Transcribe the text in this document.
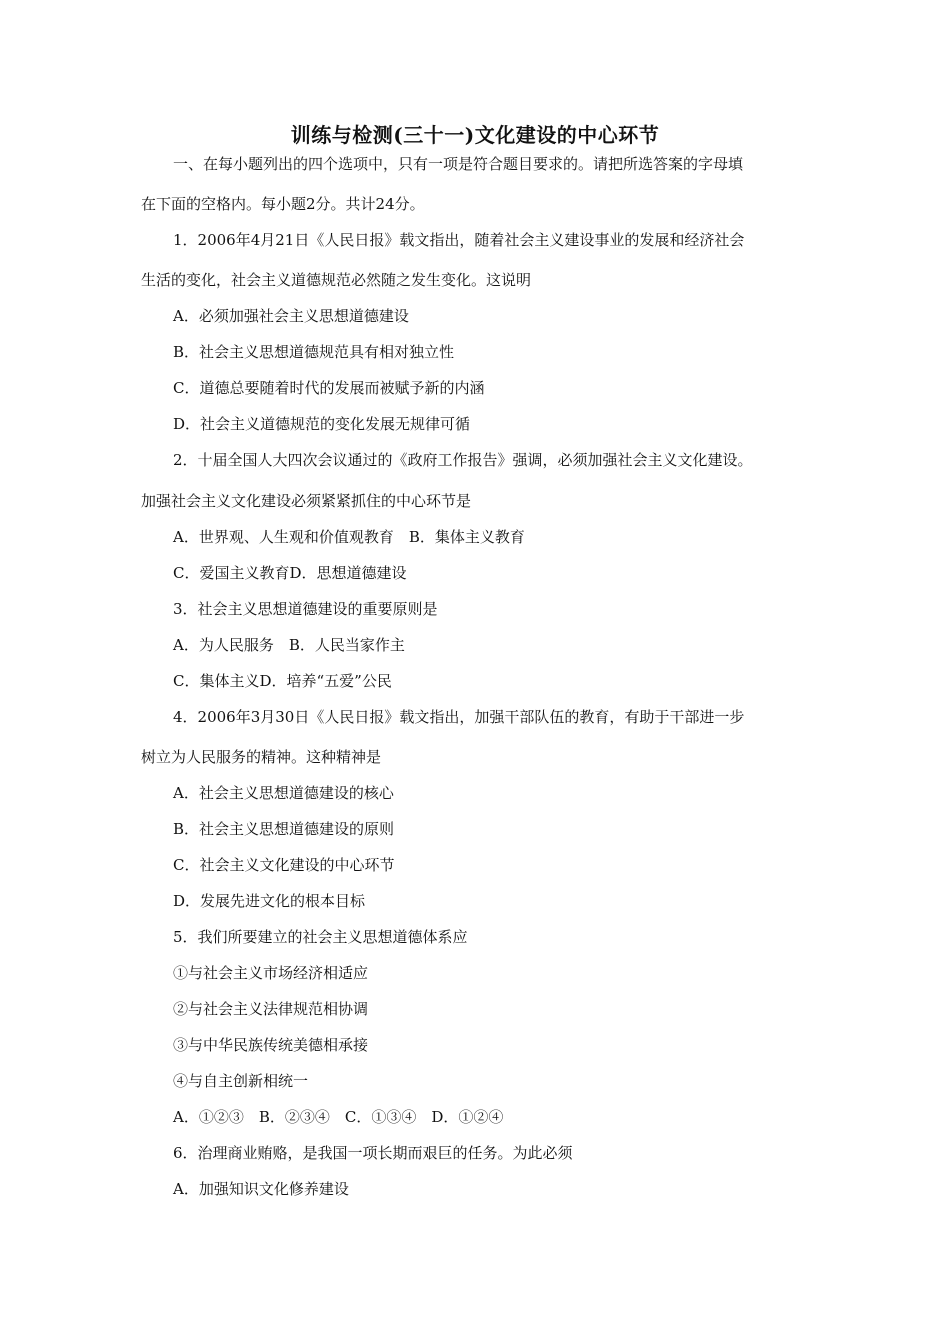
训练与检测(三十一)文化建设的中心环节

一、在每小题列出的四个选项中，只有一项是符合题目要求的。请把所选答案的字母填

在下面的空格内。每小题2分。共计24分。

1．2006年4月21日《人民日报》载文指出，随着社会主义建设事业的发展和经济社会

生活的变化，社会主义道德规范必然随之发生变化。这说明

A．必须加强社会主义思想道德建设

B．社会主义思想道德规范具有相对独立性

C．道德总要随着时代的发展而被赋予新的内涵

D．社会主义道德规范的变化发展无规律可循

2．十届全国人大四次会议通过的《政府工作报告》强调，必须加强社会主义文化建设。

加强社会主义文化建设必须紧紧抓住的中心环节是

A．世界观、人生观和价值观教育　B．集体主义教育

C．爱国主义教育D．思想道德建设

3．社会主义思想道德建设的重要原则是

A．为人民服务　B．人民当家作主

C．集体主义D．培养“五爱”公民

4．2006年3月30日《人民日报》载文指出，加强干部队伍的教育，有助于干部进一步

树立为人民服务的精神。这种精神是

A．社会主义思想道德建设的核心

B．社会主义思想道德建设的原则

C．社会主义文化建设的中心环节

D．发展先进文化的根本目标

5．我们所要建立的社会主义思想道德体系应

①与社会主义市场经济相适应

②与社会主义法律规范相协调

③与中华民族传统美德相承接

④与自主创新相统一

A．①②③　B．②③④　C．①③④　D．①②④

6．治理商业贿赂，是我国一项长期而艰巨的任务。为此必须

A．加强知识文化修养建设
